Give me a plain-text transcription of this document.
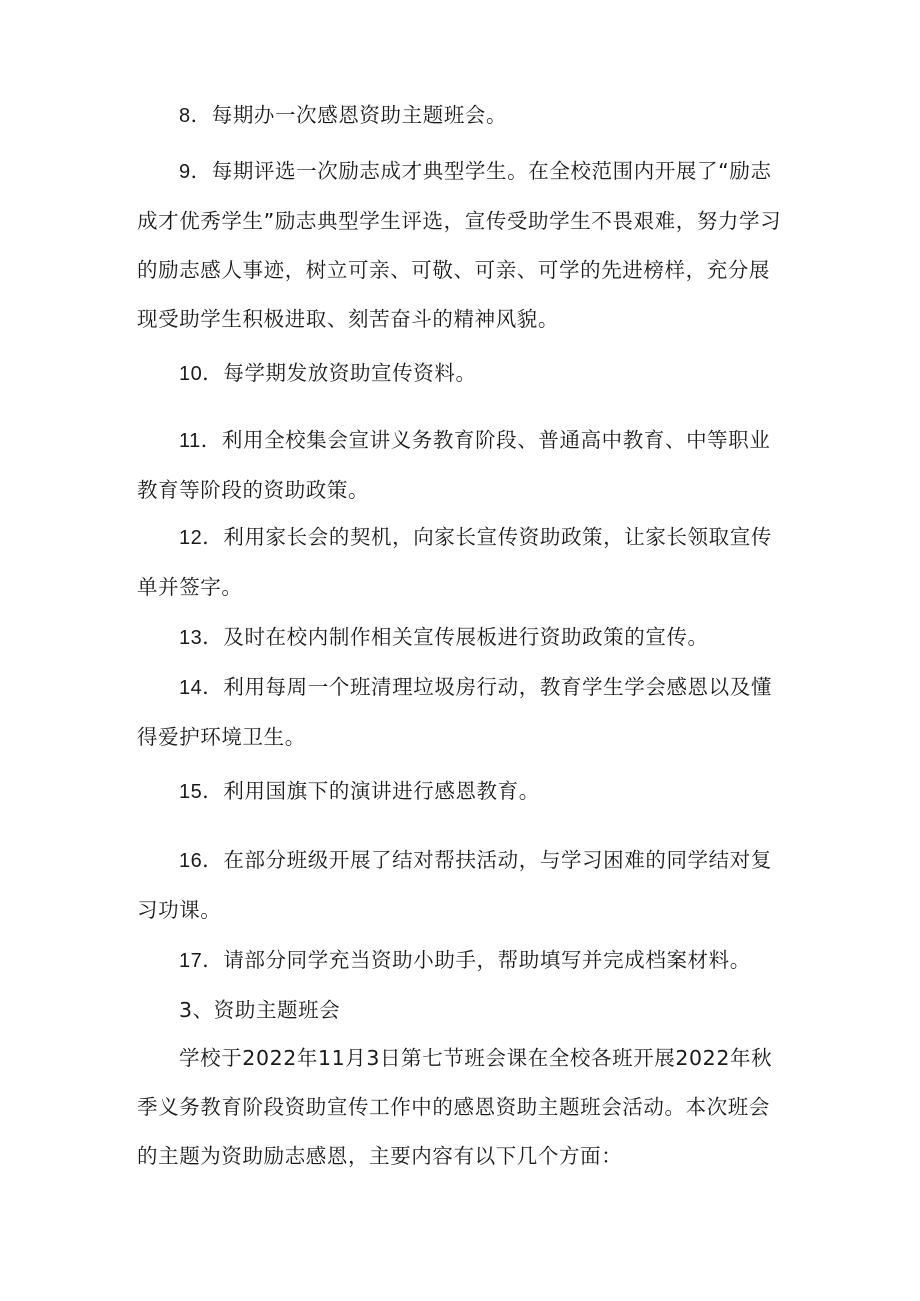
8．每期办一次感恩资助主题班会。

9．每期评选一次励志成才典型学生。在全校范围内开展了“励志成才优秀学生”励志典型学生评选，宣传受助学生不畏艰难，努力学习的励志感人事迹，树立可亲、可敬、可亲、可学的先进榜样，充分展现受助学生积极进取、刻苦奋斗的精神风貌。

10．每学期发放资助宣传资料。

11．利用全校集会宣讲义务教育阶段、普通高中教育、中等职业教育等阶段的资助政策。

12．利用家长会的契机，向家长宣传资助政策，让家长领取宣传单并签字。

13．及时在校内制作相关宣传展板进行资助政策的宣传。

14．利用每周一个班清理垃圾房行动，教育学生学会感恩以及懂得爱护环境卫生。

15．利用国旗下的演讲进行感恩教育。

16．在部分班级开展了结对帮扶活动，与学习困难的同学结对复习功课。

17．请部分同学充当资助小助手，帮助填写并完成档案材料。

3、资助主题班会

学校于2022年11月3日第七节班会课在全校各班开展2022年秋季义务教育阶段资助宣传工作中的感恩资助主题班会活动。本次班会的主题为资助励志感恩，主要内容有以下几个方面：
